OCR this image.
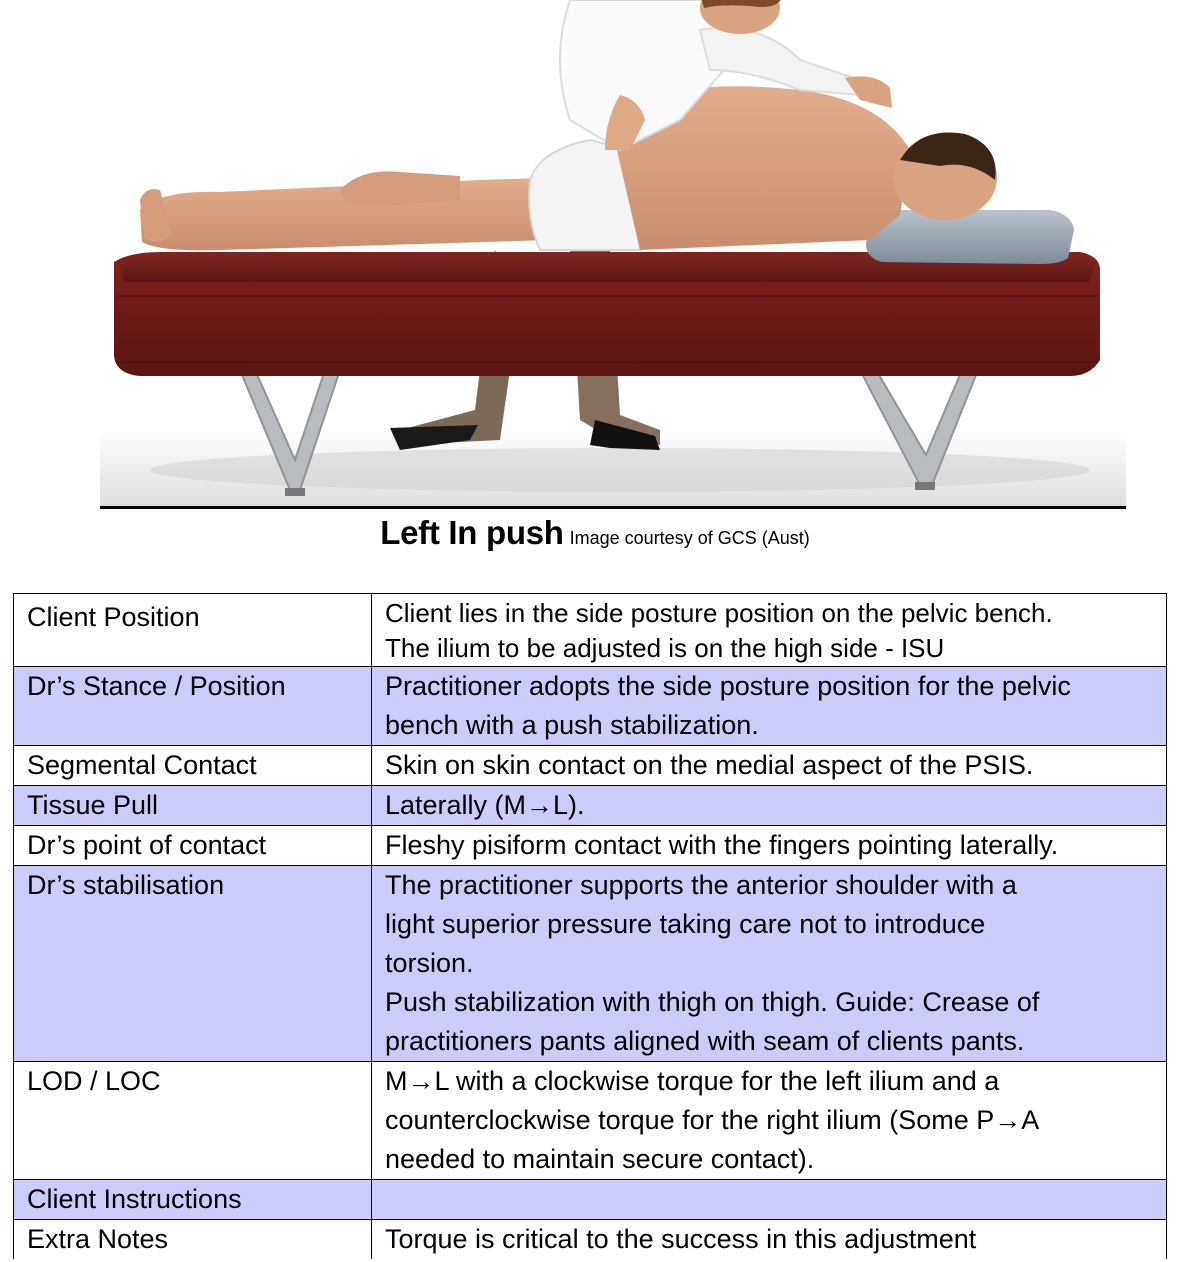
Left In push Image courtesy of GCS (Aust)
Client Position	Client lies in the side posture position on the pelvic bench.
The ilium to be adjusted is on the high side - ISU

Dr’s Stance / Position	Practitioner adopts the side posture position for the pelvic
bench with a push stabilization.

Segmental Contact	Skin on skin contact on the medial aspect of the PSIS.

Tissue Pull	Laterally (M→L).

Dr’s point of contact	Fleshy pisiform contact with the fingers pointing laterally.

Dr’s stabilisation	The practitioner supports the anterior shoulder with a
light superior pressure taking care not to introduce
torsion.
Push stabilization with thigh on thigh. Guide: Crease of
practitioners pants aligned with seam of clients pants.

LOD / LOC	M→L with a clockwise torque for the left ilium and a
counterclockwise torque for the right ilium (Some P→A
needed to maintain secure contact).

Client Instructions	
Extra Notes	Torque is critical to the success in this adjustment
